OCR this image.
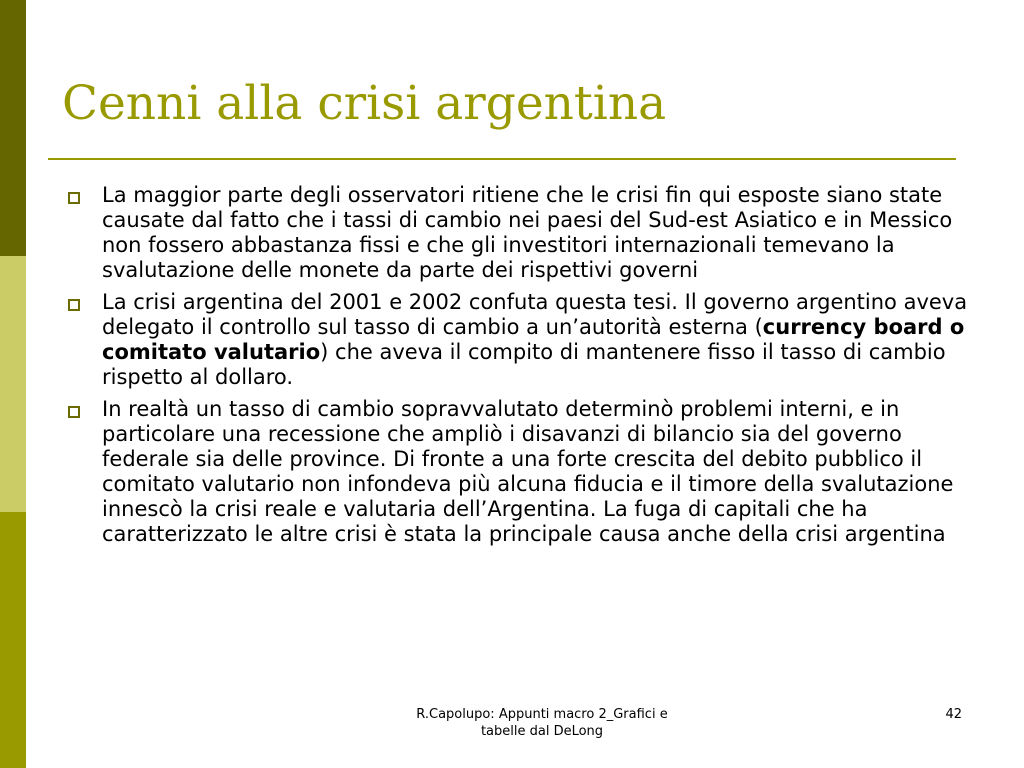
Cenni alla crisi argentina
La maggior parte degli osservatori ritiene che le crisi fin qui esposte siano state causate dal fatto che i tassi di cambio nei paesi del Sud-est Asiatico e in Messico non fossero abbastanza fissi e che gli investitori internazionali temevano la svalutazione delle monete da parte dei rispettivi governi
La crisi argentina del 2001 e 2002 confuta questa tesi. Il governo argentino aveva delegato il controllo sul tasso di cambio a un’autorità esterna (currency board o comitato valutario) che aveva il compito di mantenere fisso il tasso di cambio rispetto al dollaro.
In realtà un tasso di cambio sopravvalutato determinò problemi interni, e in particolare una recessione che ampliò i disavanzi di bilancio sia del governo federale sia delle province. Di fronte a una forte crescita del debito pubblico il comitato valutario non infondeva più alcuna fiducia e il timore della svalutazione innescò la crisi reale e valutaria dell’Argentina. La fuga di capitali che ha caratterizzato le altre crisi è stata la principale causa anche della crisi argentina
R.Capolupo: Appunti macro 2_Grafici e
tabelle dal DeLong
42
